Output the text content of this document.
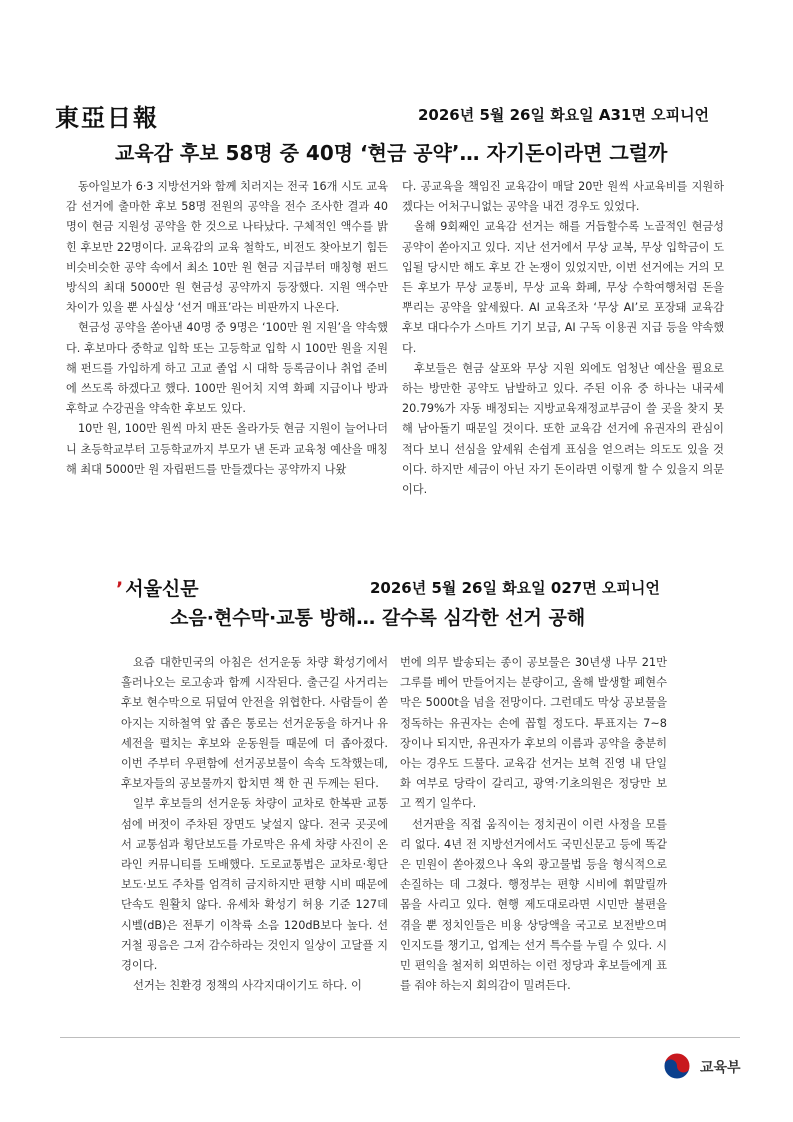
東亞日報	2026년 5월 26일 화요일 A31면 오피니언
교육감 후보 58명 중 40명 ‘현금 공약’… 자기돈이라면 그럴까

동아일보가 6·3 지방선거와 함께 치러지는 전국 16개 시도 교육감 선거에 출마한 후보 58명 전원의 공약을 전수 조사한 결과 40명이 현금 지원성 공약을 한 것으로 나타났다. 구체적인 액수를 밝힌 후보만 22명이다. 교육감의 교육 철학도, 비전도 찾아보기 힘든 비슷비슷한 공약 속에서 최소 10만 원 현금 지급부터 매칭형 펀드 방식의 최대 5000만 원 현금성 공약까지 등장했다. 지원 액수만 차이가 있을 뿐 사실상 ‘선거 매표’라는 비판까지 나온다.

현금성 공약을 쏟아낸 40명 중 9명은 ‘100만 원 지원’을 약속했다. 후보마다 중학교 입학 또는 고등학교 입학 시 100만 원을 지원해 펀드를 가입하게 하고 고교 졸업 시 대학 등록금이나 취업 준비에 쓰도록 하겠다고 했다. 100만 원어치 지역 화폐 지급이나 방과후학교 수강권을 약속한 후보도 있다.

10만 원, 100만 원씩 마치 판돈 올라가듯 현금 지원이 늘어나더니 초등학교부터 고등학교까지 부모가 낸 돈과 교육청 예산을 매칭해 최대 5000만 원 자립펀드를 만들겠다는 공약까지 나왔

다. 공교육을 책임진 교육감이 매달 20만 원씩 사교육비를 지원하겠다는 어처구니없는 공약을 내건 경우도 있었다.

올해 9회째인 교육감 선거는 해를 거듭할수록 노골적인 현금성 공약이 쏟아지고 있다. 지난 선거에서 무상 교복, 무상 입학금이 도입될 당시만 해도 후보 간 논쟁이 있었지만, 이번 선거에는 거의 모든 후보가 무상 교통비, 무상 교육 화폐, 무상 수학여행처럼 돈을 뿌리는 공약을 앞세웠다. AI 교육조차 ‘무상 AI’로 포장돼 교육감 후보 대다수가 스마트 기기 보급, AI 구독 이용권 지급 등을 약속했다.

후보들은 현금 살포와 무상 지원 외에도 엄청난 예산을 필요로 하는 방만한 공약도 남발하고 있다. 주된 이유 중 하나는 내국세 20.79%가 자동 배정되는 지방교육재정교부금이 쓸 곳을 찾지 못해 남아돌기 때문일 것이다. 또한 교육감 선거에 유권자의 관심이 적다 보니 선심을 앞세워 손쉽게 표심을 얻으려는 의도도 있을 것이다. 하지만 세금이 아닌 자기 돈이라면 이렇게 할 수 있을지 의문이다.

’ 서울신문	2026년 5월 26일 화요일 027면 오피니언
소음·현수막·교통 방해… 갈수록 심각한 선거 공해

요즘 대한민국의 아침은 선거운동 차량 확성기에서 흘러나오는 로고송과 함께 시작된다. 출근길 사거리는 후보 현수막으로 뒤덮여 안전을 위협한다. 사람들이 쏟아지는 지하철역 앞 좁은 통로는 선거운동을 하거나 유세전을 펼치는 후보와 운동원들 때문에 더 좁아졌다. 이번 주부터 우편함에 선거공보물이 속속 도착했는데, 후보자들의 공보물까지 합치면 책 한 권 두께는 된다.

일부 후보들의 선거운동 차량이 교차로 한복판 교통섬에 버젓이 주차된 장면도 낯설지 않다. 전국 곳곳에서 교통섬과 횡단보도를 가로막은 유세 차량 사진이 온라인 커뮤니티를 도배했다. 도로교통법은 교차로·횡단보도·보도 주차를 엄격히 금지하지만 편향 시비 때문에 단속도 원활치 않다. 유세차 확성기 허용 기준 127데시벨(dB)은 전투기 이착륙 소음 120dB보다 높다. 선거철 굉음은 그저 감수하라는 것인지 일상이 고달플 지경이다.

선거는 친환경 정책의 사각지대이기도 하다. 이

번에 의무 발송되는 종이 공보물은 30년생 나무 21만 그루를 베어 만들어지는 분량이고, 올해 발생할 폐현수막은 5000t을 넘을 전망이다. 그런데도 막상 공보물을 정독하는 유권자는 손에 꼽힐 정도다. 투표지는 7~8장이나 되지만, 유권자가 후보의 이름과 공약을 충분히 아는 경우도 드물다. 교육감 선거는 보혁 진영 내 단일화 여부로 당락이 갈리고, 광역·기초의원은 정당만 보고 찍기 일쑤다.

선거판을 직접 움직이는 정치권이 이런 사정을 모를 리 없다. 4년 전 지방선거에서도 국민신문고 등에 똑같은 민원이 쏟아졌으나 옥외 광고물법 등을 형식적으로 손질하는 데 그쳤다. 행정부는 편향 시비에 휘말릴까 몸을 사리고 있다. 현행 제도대로라면 시민만 불편을 겪을 뿐 정치인들은 비용 상당액을 국고로 보전받으며 인지도를 챙기고, 업계는 선거 특수를 누릴 수 있다. 시민 편익을 철저히 외면하는 이런 정당과 후보들에게 표를 줘야 하는지 회의감이 밀려든다.

교육부
